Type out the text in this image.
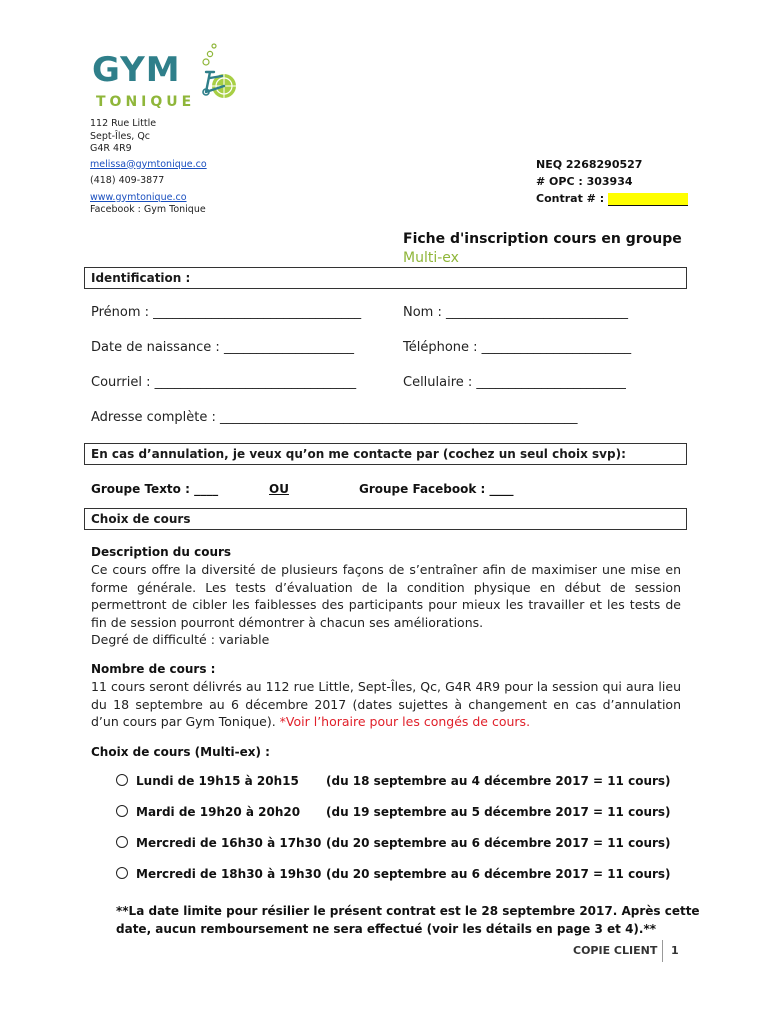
GYM
TONIQUE
112 Rue Little
Sept-Îles, Qc
G4R 4R9
melissa@gymtonique.co
(418) 409-3877
www.gymtonique.co
Facebook : Gym Tonique
NEQ 2268290527
# OPC : 303934
Contrat # :
Fiche d'inscription cours en groupe
Multi-ex
Identification :
Prénom : ________________________________	Nom : ____________________________
Date de naissance : ____________________	Téléphone : _______________________
Courriel : _______________________________	Cellulaire : _______________________
Adresse complète : _______________________________________________________
En cas d’annulation, je veux qu’on me contacte par (cochez un seul choix svp):
Groupe Texto : ____	OU	Groupe Facebook : ____
Choix de cours
Description du cours
Ce cours offre la diversité de plusieurs façons de s’entraîner afin de maximiser une mise en forme générale. Les tests d’évaluation de la condition physique en début de session permettront de cibler les faiblesses des participants pour mieux les travailler et les tests de fin de session pourront démontrer à chacun ses améliorations.
Degré de difficulté : variable
Nombre de cours :
11 cours seront délivrés au 112 rue Little, Sept-Îles, Qc, G4R 4R9 pour la session qui aura lieu du 18 septembre au 6 décembre 2017 (dates sujettes à changement en cas d’annulation d’un cours par Gym Tonique). *Voir l’horaire pour les congés de cours.
Choix de cours (Multi-ex) :
Lundi de 19h15 à 20h15 (du 18 septembre au 4 décembre 2017 = 11 cours)
Mardi de 19h20 à 20h20 (du 19 septembre au 5 décembre 2017 = 11 cours)
Mercredi de 16h30 à 17h30 (du 20 septembre au 6 décembre 2017 = 11 cours)
Mercredi de 18h30 à 19h30 (du 20 septembre au 6 décembre 2017 = 11 cours)
**La date limite pour résilier le présent contrat est le 28 septembre 2017. Après cette
date, aucun remboursement ne sera effectué (voir les détails en page 3 et 4).**
COPIE CLIENT 1
